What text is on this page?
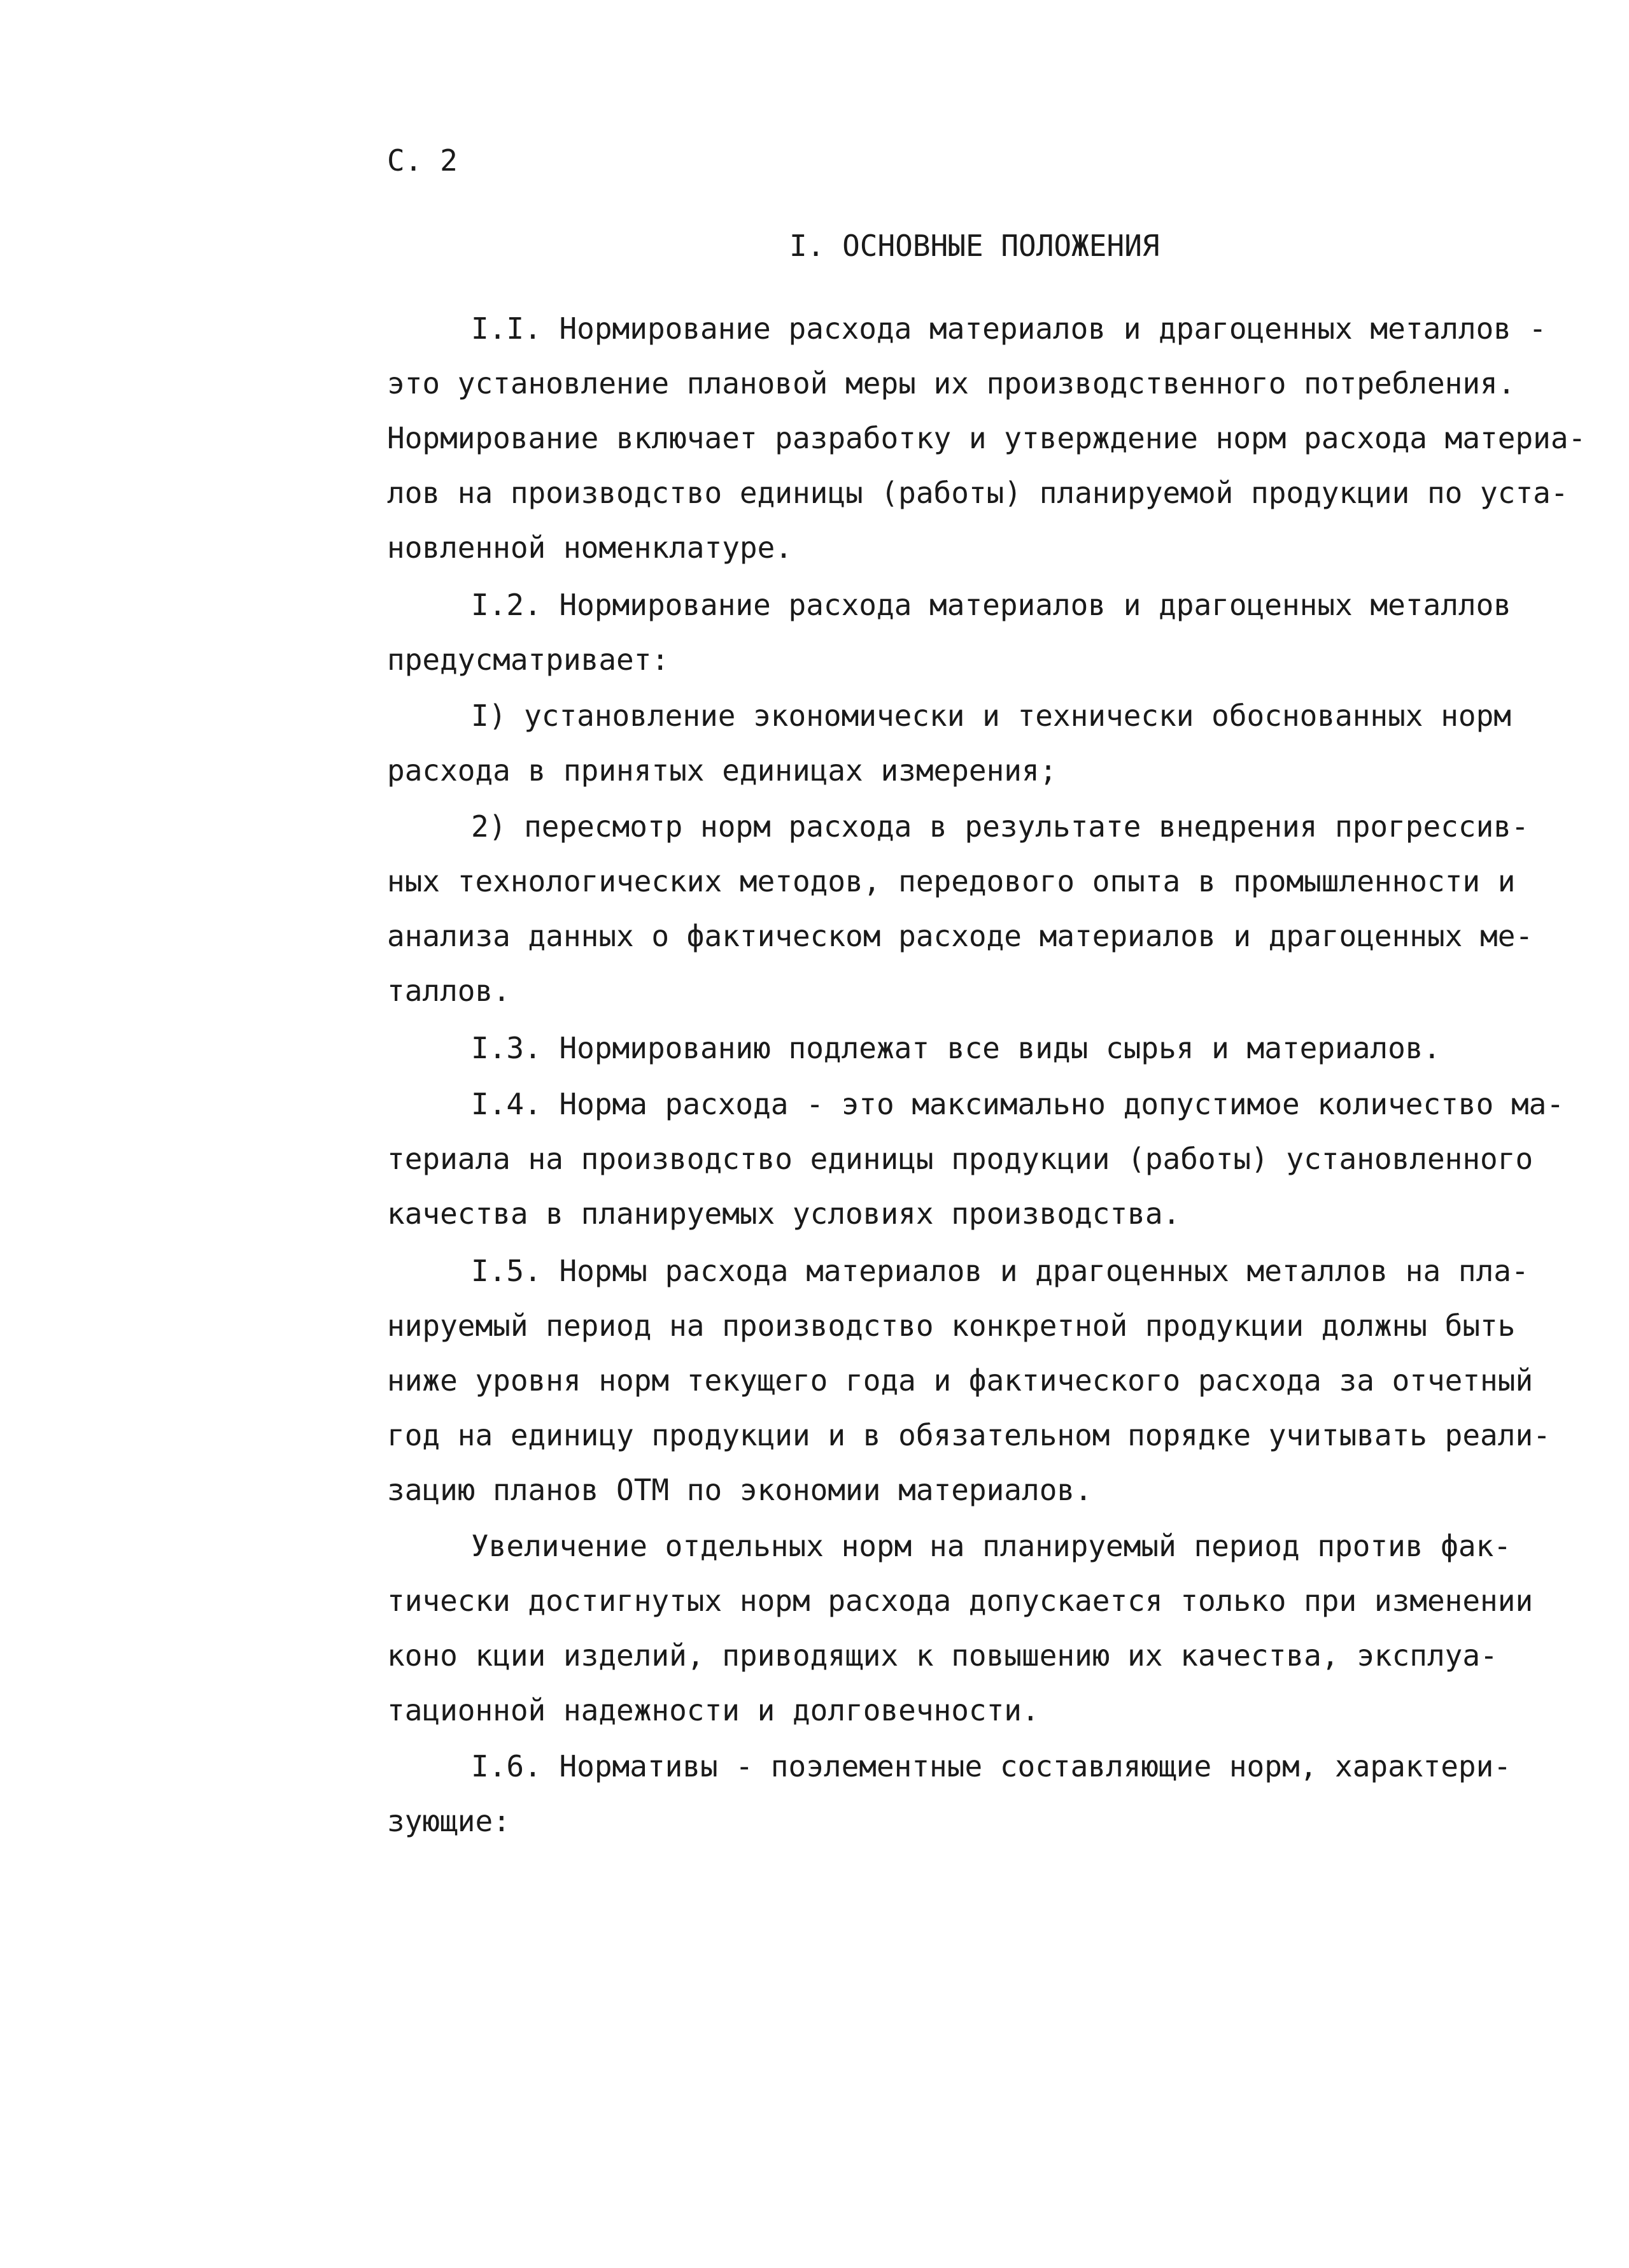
С. 2
I. ОСНОВНЫЕ ПОЛОЖЕНИЯ
I.I. Нормирование расхода материалов и драгоценных металлов -
это установление плановой меры их производственного потребления.
Нормирование включает разработку и утверждение норм расхода материа-
лов на производство единицы (работы) планируемой продукции по уста-
новленной номенклатуре.
I.2. Нормирование расхода материалов и драгоценных металлов
предусматривает:
I) установление экономически и технически обоснованных норм
расхода в принятых единицах измерения;
2) пересмотр норм расхода в результате внедрения прогрессив-
ных технологических методов, передового опыта в промышленности и
анализа данных о фактическом расходе материалов и драгоценных ме-
таллов.
I.3. Нормированию подлежат все виды сырья и материалов.
I.4. Норма расхода - это максимально допустимое количество ма-
териала на производство единицы продукции (работы) установленного
качества в планируемых условиях производства.
I.5. Нормы расхода материалов и драгоценных металлов на пла-
нируемый период на производство конкретной продукции должны быть
ниже уровня норм текущего года и фактического расхода за отчетный
год на единицу продукции и в обязательном порядке учитывать реали-
зацию планов ОТМ по экономии материалов.
Увеличение отдельных норм на планируемый период против фак-
тически достигнутых норм расхода допускается только при изменении
коно кции изделий, приводящих к повышению их качества, эксплуа-
тационной надежности и долговечности.
I.6. Нормативы - поэлементные составляющие норм, характери-
зующие:
